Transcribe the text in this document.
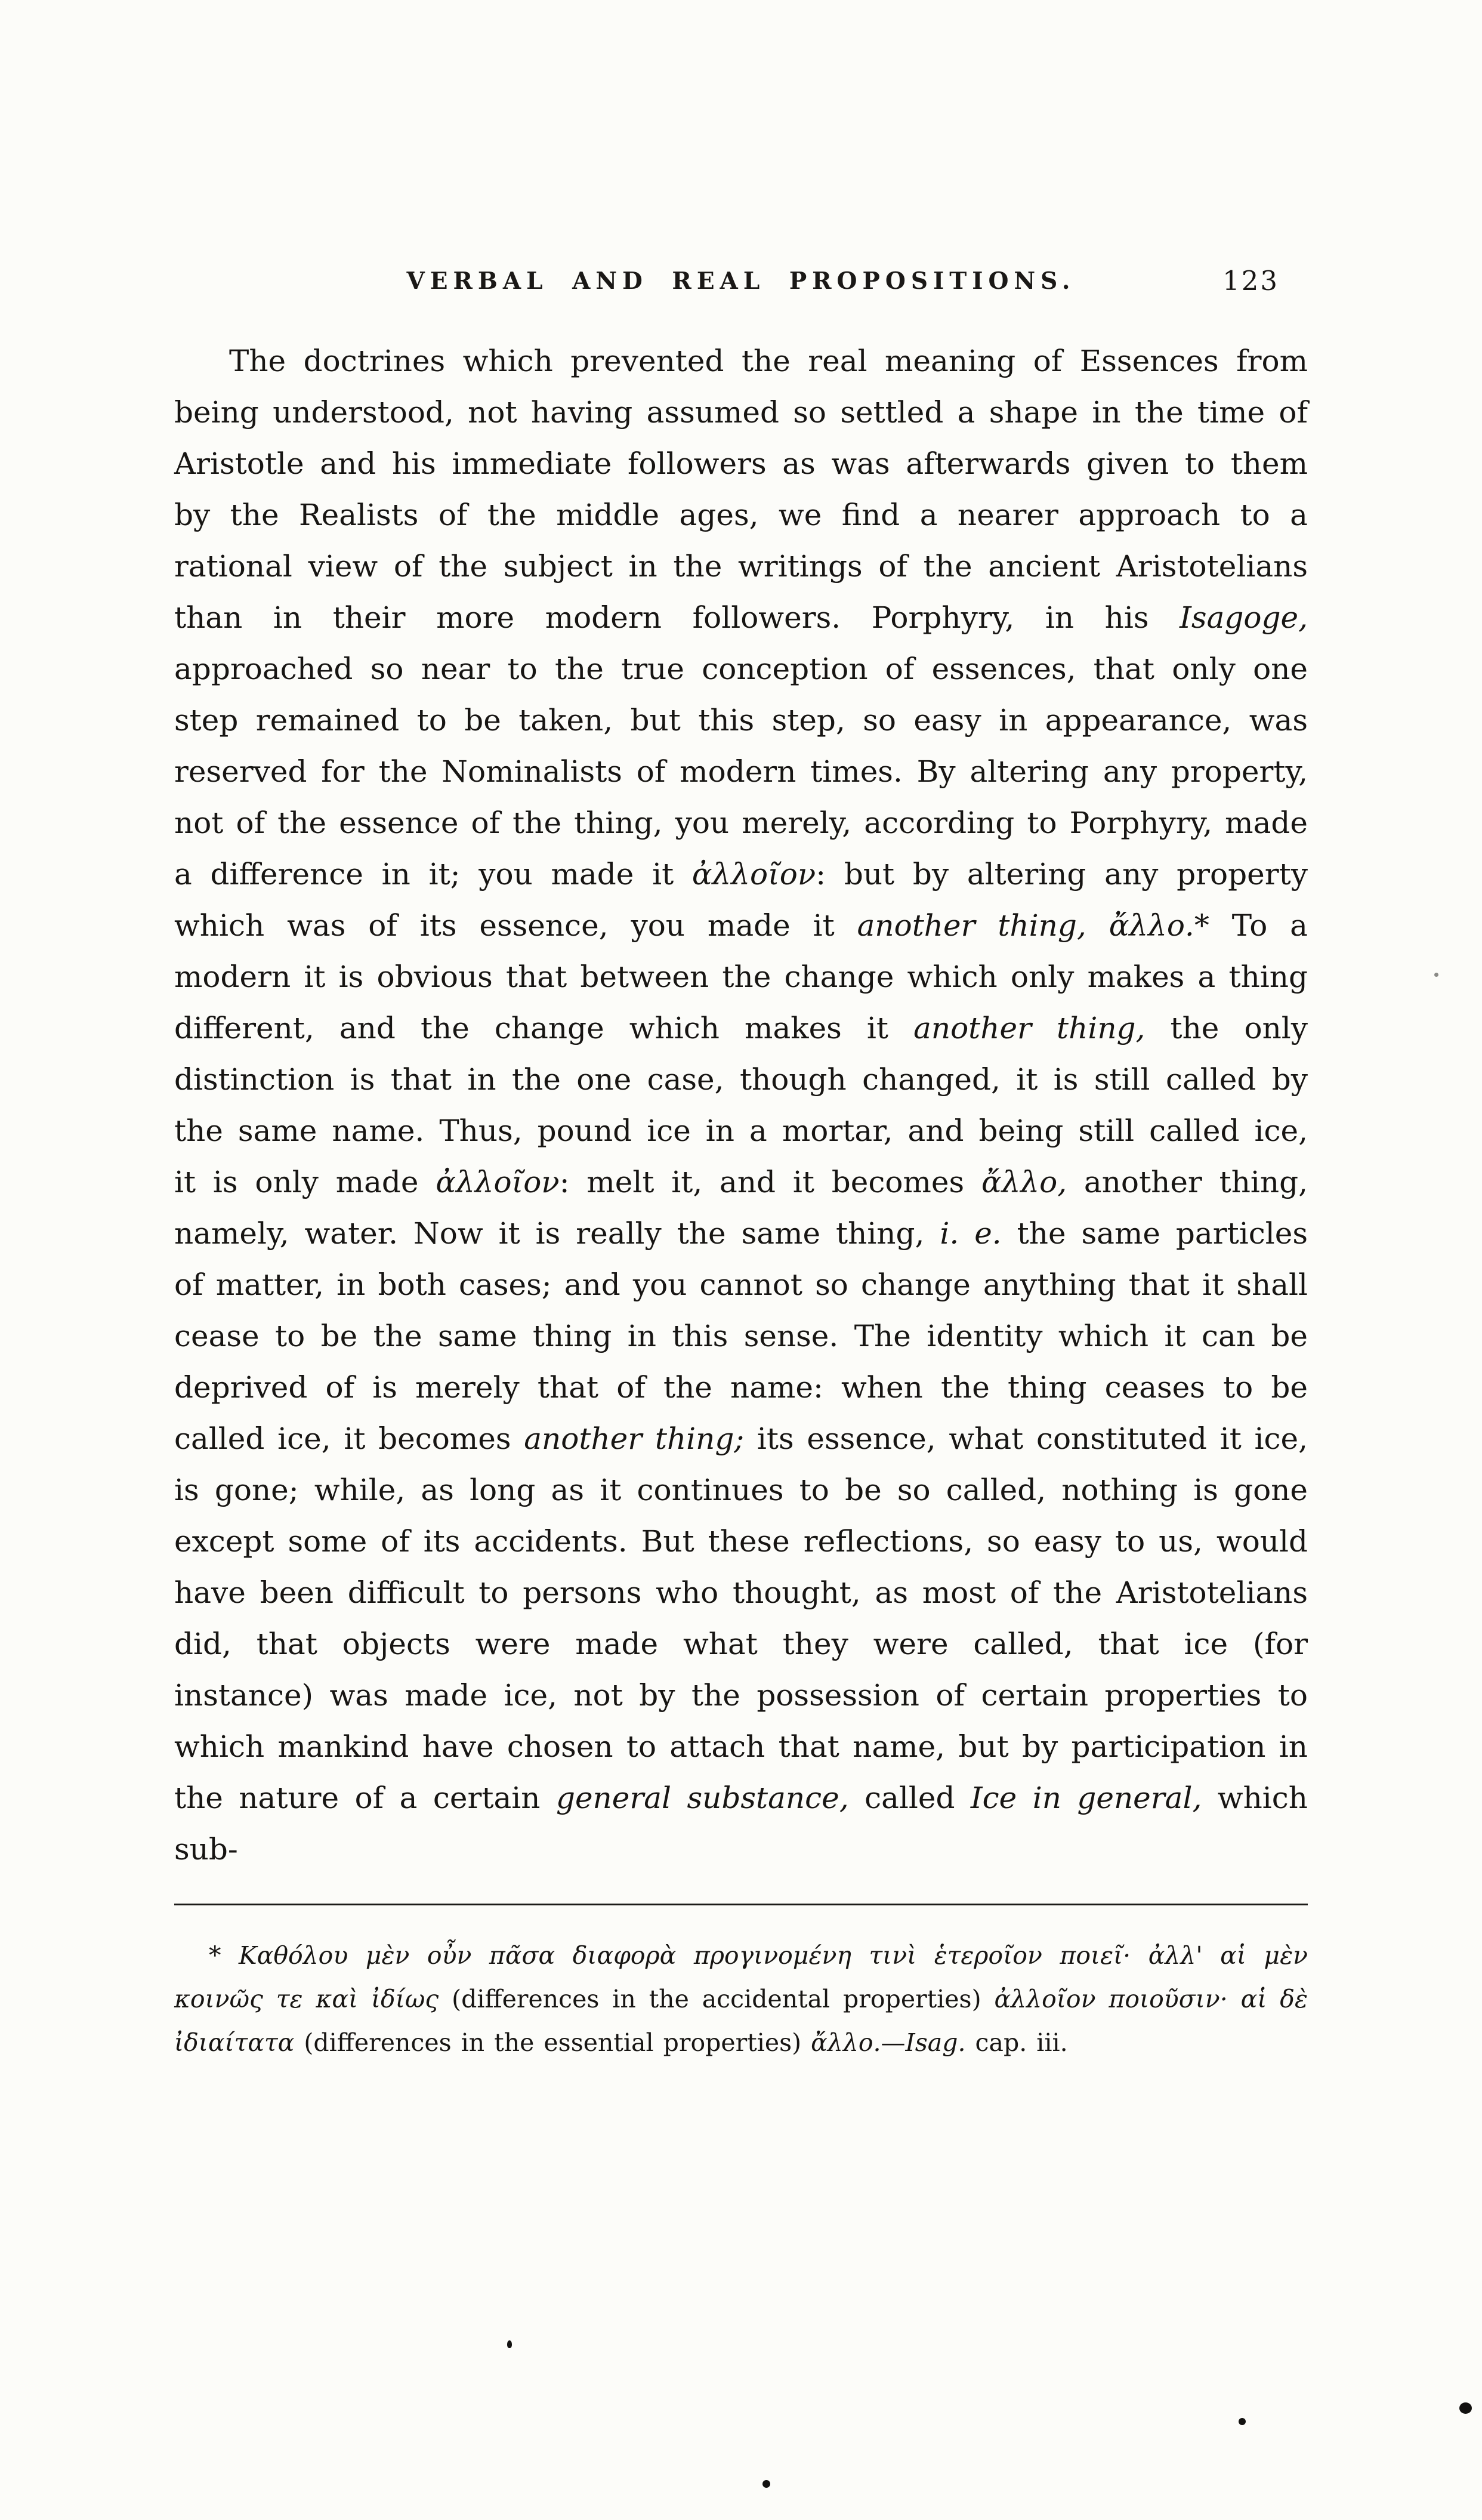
VERBAL AND REAL PROPOSITIONS.	123

The doctrines which prevented the real meaning of Essences from being understood, not having assumed so settled a shape in the time of Aristotle and his immediate followers as was afterwards given to them by the Realists of the middle ages, we find a nearer approach to a rational view of the subject in the writings of the ancient Aristotelians than in their more modern followers. Porphyry, in his Isagoge, approached so near to the true conception of essences, that only one step remained to be taken, but this step, so easy in appearance, was reserved for the Nominalists of modern times. By altering any property, not of the essence of the thing, you merely, according to Porphyry, made a difference in it; you made it ἀλλοῖον: but by altering any property which was of its essence, you made it another thing, ἄλλο.* To a modern it is obvious that between the change which only makes a thing different, and the change which makes it another thing, the only distinction is that in the one case, though changed, it is still called by the same name. Thus, pound ice in a mortar, and being still called ice, it is only made ἀλλοῖον: melt it, and it becomes ἄλλο, another thing, namely, water. Now it is really the same thing, i. e. the same particles of matter, in both cases; and you cannot so change anything that it shall cease to be the same thing in this sense. The identity which it can be deprived of is merely that of the name: when the thing ceases to be called ice, it becomes another thing; its essence, what constituted it ice, is gone; while, as long as it continues to be so called, nothing is gone except some of its accidents. But these reflections, so easy to us, would have been difficult to persons who thought, as most of the Aristotelians did, that objects were made what they were called, that ice (for instance) was made ice, not by the possession of certain properties to which mankind have chosen to attach that name, but by participation in the nature of a certain general substance, called Ice in general, which sub-

* Καθόλου μὲν οὖν πᾶσα διαφορὰ προγινομένη τινὶ ἑτεροῖον ποιεῖ· ἀλλ' αἱ μὲν κοινῶς τε καὶ ἰδίως (differences in the accidental properties) ἀλλοῖον ποιοῦσιν· αἱ δὲ ἰδιαίτατα (differences in the essential properties) ἄλλο.—Isag. cap. iii.
